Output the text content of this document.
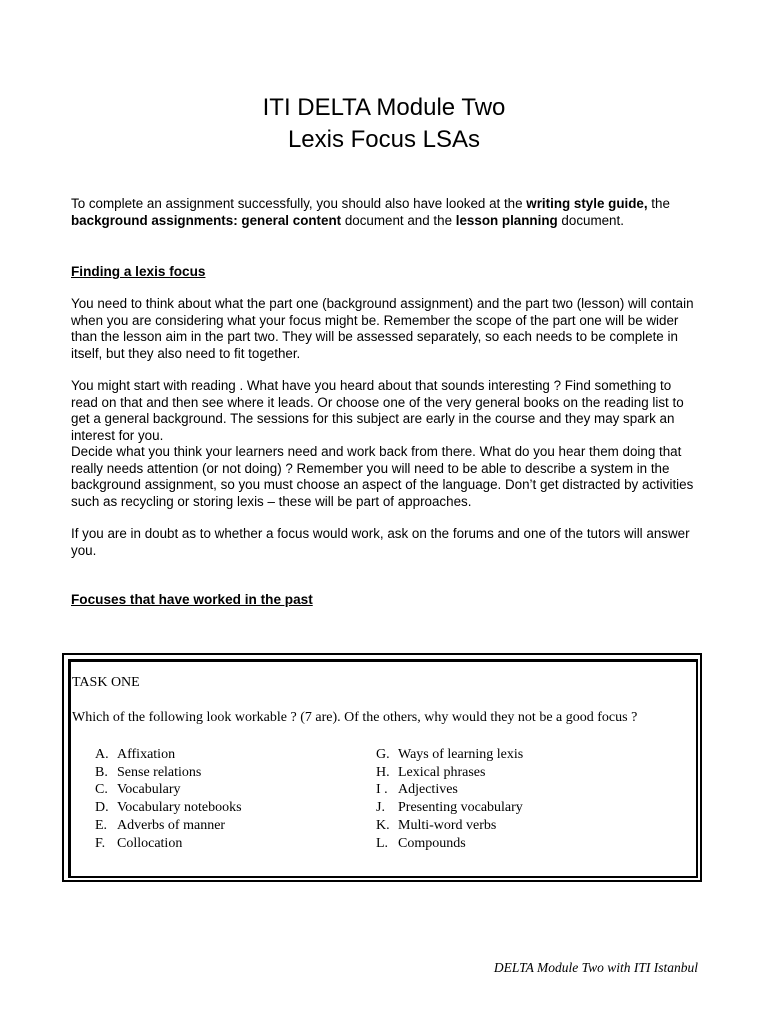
ITI DELTA Module Two
Lexis Focus LSAs

To complete an assignment successfully, you should also have looked at the writing style guide, the background assignments: general content document and the lesson planning document.

Finding a lexis focus

You need to think about what the part one (background assignment) and the part two (lesson) will contain when you are considering what your focus might be. Remember the scope of the part one will be wider than the lesson aim in the part two. They will be assessed separately, so each needs to be complete in itself, but they also need to fit together.

You might start with reading . What have you heard about that sounds interesting ? Find something to read on that and then see where it leads. Or choose one of the very general books on the reading list to get a general background. The sessions for this subject are early in the course and they may spark an interest for you.

Decide what you think your learners need and work back from there. What do you hear them doing that really needs attention (or not doing) ? Remember you will need to be able to describe a system in the background assignment, so you must choose an aspect of the language. Don’t get distracted by activities such as recycling or storing lexis – these will be part of approaches.

If you are in doubt as to whether a focus would work, ask on the forums and one of the tutors will answer you.

Focuses that have worked in the past
TASK ONE
Which of the following look workable ? (7 are). Of the others, why would they not be a good focus ?
A. Affixation
B. Sense relations
C. Vocabulary
D. Vocabulary notebooks
E. Adverbs of manner
F. Collocation
G. Ways of learning lexis
H. Lexical phrases
I . Adjectives
J. Presenting vocabulary
K. Multi-word verbs
L. Compounds
DELTA Module Two with ITI Istanbul
